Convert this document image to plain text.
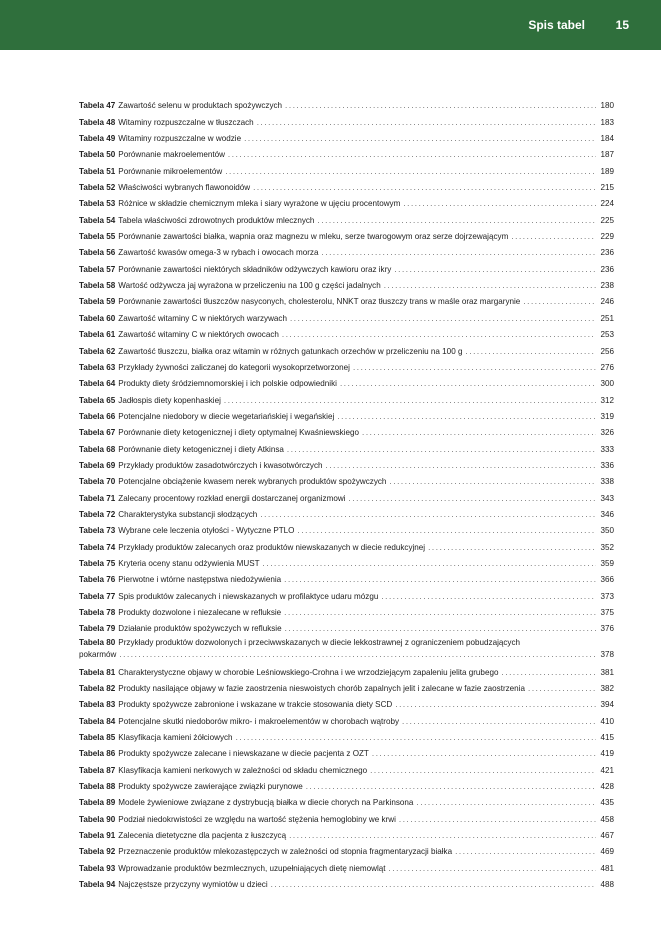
Spis tabel	15
Tabela 47 Zawartość selenu w produktach spożywczych .....	180
Tabela 48 Witaminy rozpuszczalne w tłuszczach .....	183
Tabela 49 Witaminy rozpuszczalne w wodzie .....	184
Tabela 50 Porównanie makroelementów .....	187
Tabela 51 Porównanie mikroelementów .....	189
Tabela 52 Właściwości wybranych flawonoidów .....	215
Tabela 53 Różnice w składzie chemicznym mleka i siary wyrażone w ujęciu procentowym .....	224
Tabela 54 Tabela właściwości zdrowotnych produktów mlecznych .....	225
Tabela 55 Porównanie zawartości białka, wapnia oraz magnezu w mleku, serze twarogowym oraz serze dojrzewającym .....	229
Tabela 56 Zawartość kwasów omega-3 w rybach i owocach morza .....	236
Tabela 57 Porównanie zawartości niektórych składników odżywczych kawioru oraz ikry .....	236
Tabela 58 Wartość odżywcza jaj wyrażona w przeliczeniu na 100 g części jadalnych .....	238
Tabela 59 Porównanie zawartości tłuszczów nasyconych, cholesterolu, NNKT oraz tłuszczy trans w maśle oraz margarynie .....	246
Tabela 60 Zawartość witaminy C w niektórych warzywach .....	251
Tabela 61 Zawartość witaminy C w niektórych owocach .....	253
Tabela 62 Zawartość tłuszczu, białka oraz witamin w różnych gatunkach orzechów w przeliczeniu na 100 g .....	256
Tabela 63 Przykłady żywności zaliczanej do kategorii wysokoprzetworzonej .....	276
Tabela 64 Produkty diety śródziemnomorskiej i ich polskie odpowiedniki .....	300
Tabela 65 Jadłospis diety kopenhaskiej .....	312
Tabela 66 Potencjalne niedobory w diecie wegetariańskiej i wegańskiej .....	319
Tabela 67 Porównanie diety ketogenicznej i diety optymalnej Kwaśniewskiego .....	326
Tabela 68 Porównanie diety ketogenicznej i diety Atkinsa .....	333
Tabela 69 Przykłady produktów zasadotwórczych i kwasotwórczych .....	336
Tabela 70 Potencjalne obciążenie kwasem nerek wybranych produktów spożywczych .....	338
Tabela 71 Zalecany procentowy rozkład energii dostarczanej organizmowi .....	343
Tabela 72 Charakterystyka substancji słodzących .....	346
Tabela 73 Wybrane cele leczenia otyłości - Wytyczne PTLO .....	350
Tabela 74 Przykłady produktów zalecanych oraz produktów niewskazanych w diecie redukcyjnej .....	352
Tabela 75 Kryteria oceny stanu odżywienia MUST .....	359
Tabela 76 Pierwotne i wtórne następstwa niedożywienia .....	366
Tabela 77 Spis produktów zalecanych i niewskazanych w profilaktyce udaru mózgu .....	373
Tabela 78 Produkty dozwolone i niezalecane w refluksie .....	375
Tabela 79 Działanie produktów spożywczych w refluksie .....	376
Tabela 80 Przykłady produktów dozwolonych i przeciwwskazanych w diecie lekkostrawnej z ograniczeniem pobudzających
pokarmów .....	378
Tabela 81 Charakterystyczne objawy w chorobie Leśniowskiego-Crohna i we wrzodziejącym zapaleniu jelita grubego .....	381
Tabela 82 Produkty nasilające objawy w fazie zaostrzenia nieswoistych chorób zapalnych jelit i zalecane w fazie zaostrzenia .....	382
Tabela 83 Produkty spożywcze zabronione i wskazane w trakcie stosowania diety SCD .....	394
Tabela 84 Potencjalne skutki niedoborów mikro- i makroelementów w chorobach wątroby .....	410
Tabela 85 Klasyfikacja kamieni żółciowych .....	415
Tabela 86 Produkty spożywcze zalecane i niewskazane w diecie pacjenta z OZT .....	419
Tabela 87 Klasyfikacja kamieni nerkowych w zależności od składu chemicznego .....	421
Tabela 88 Produkty spożywcze zawierające związki purynowe .....	428
Tabela 89 Modele żywieniowe związane z dystrybucją białka w diecie chorych na Parkinsona .....	435
Tabela 90 Podział niedokrwistości ze względu na wartość stężenia hemoglobiny we krwi .....	458
Tabela 91 Zalecenia dietetyczne dla pacjenta z łuszczycą .....	467
Tabela 92 Przeznaczenie produktów mlekozastępczych w zależności od stopnia fragmentaryzacji białka .....	469
Tabela 93 Wprowadzanie produktów bezmlecznych, uzupełniających dietę niemowląt .....	481
Tabela 94 Najczęstsze przyczyny wymiotów u dzieci .....	488
